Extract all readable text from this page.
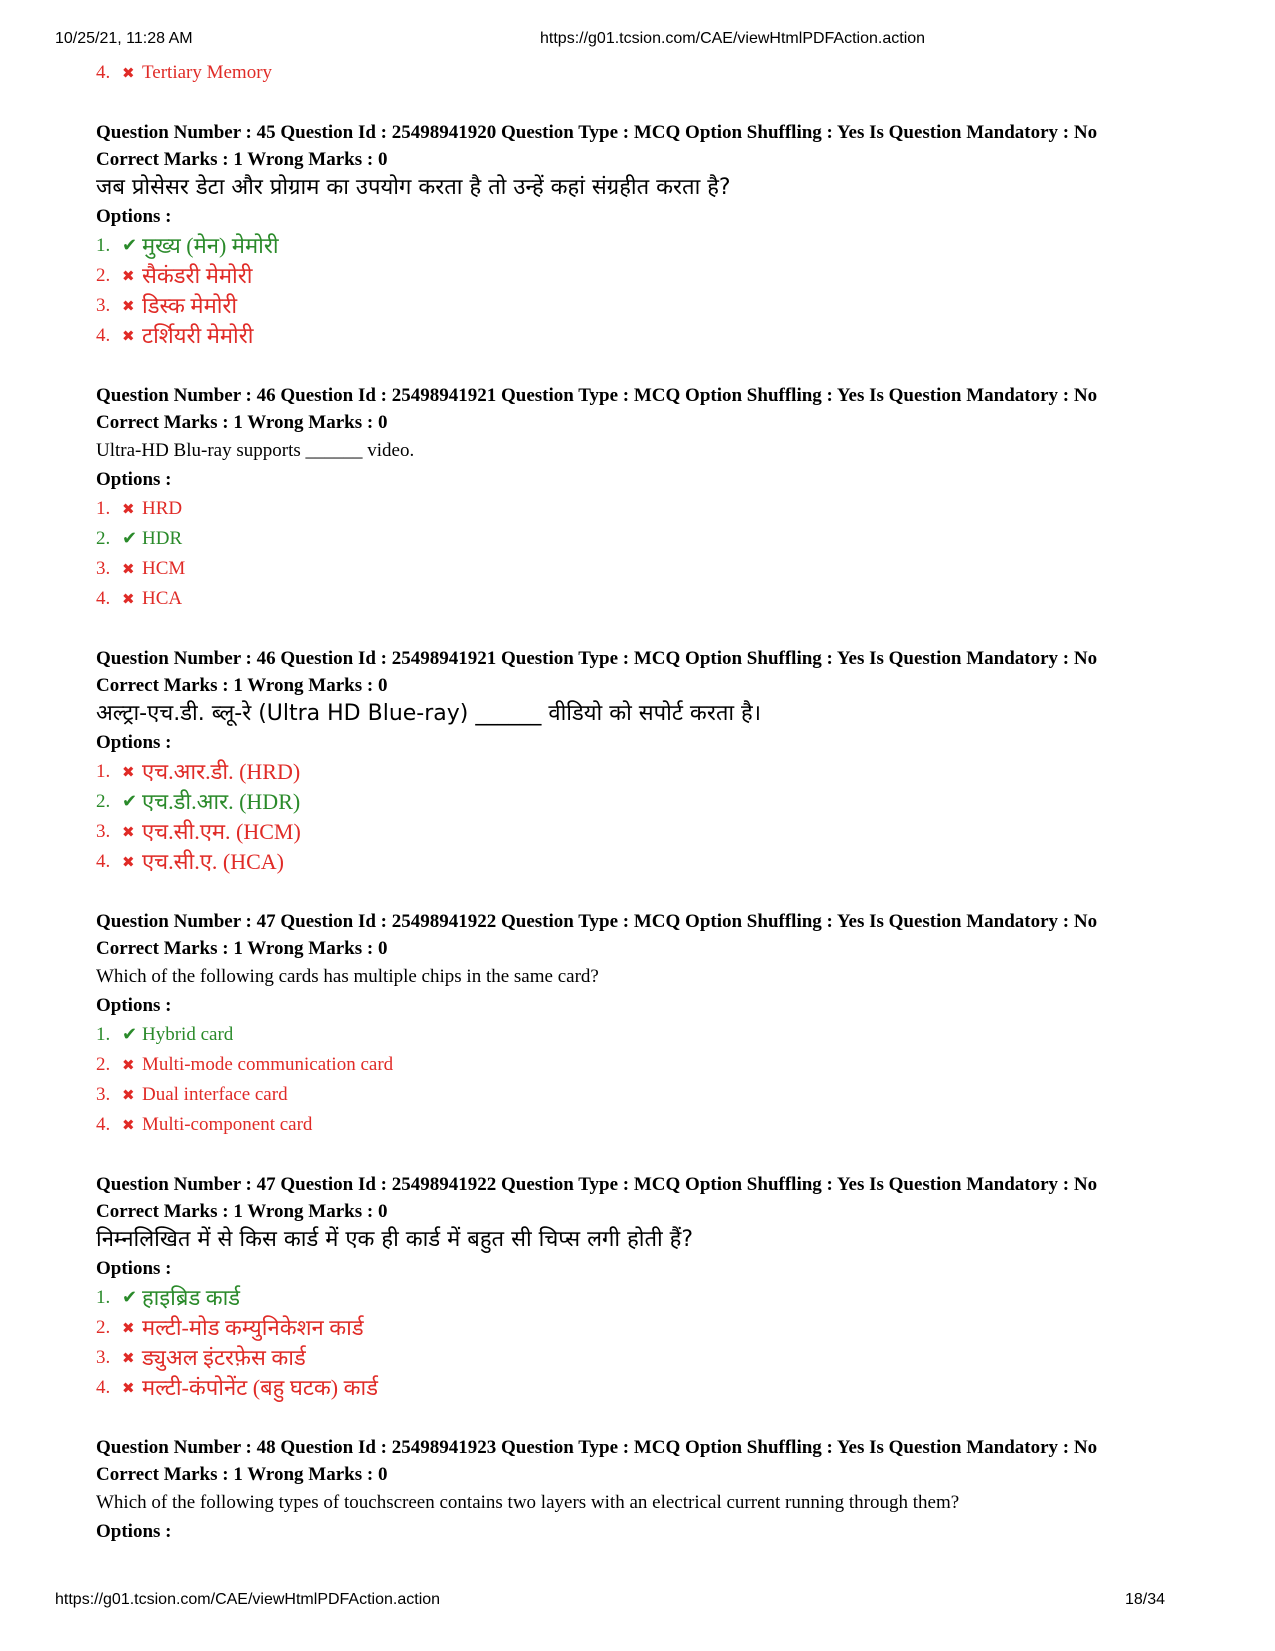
10/25/21, 11:28 AM	https://g01.tcsion.com/CAE/viewHtmlPDFAction.action
4. ✖ Tertiary Memory
Question Number : 45 Question Id : 25498941920 Question Type : MCQ Option Shuffling : Yes Is Question Mandatory : No
Correct Marks : 1 Wrong Marks : 0
जब प्रोसेसर डेटा और प्रोग्राम का उपयोग करता है तो उन्हें कहां संग्रहीत करता है?
Options :
1. ✔ मुख्य (मेन) मेमोरी
2. ✖ सैकंडरी मेमोरी
3. ✖ डिस्क मेमोरी
4. ✖ टर्शियरी मेमोरी
Question Number : 46 Question Id : 25498941921 Question Type : MCQ Option Shuffling : Yes Is Question Mandatory : No
Correct Marks : 1 Wrong Marks : 0
Ultra-HD Blu-ray supports ______ video.
Options :
1. ✖ HRD
2. ✔ HDR
3. ✖ HCM
4. ✖ HCA
Question Number : 46 Question Id : 25498941921 Question Type : MCQ Option Shuffling : Yes Is Question Mandatory : No
Correct Marks : 1 Wrong Marks : 0
अल्ट्रा-एच.डी. ब्लू-रे (Ultra HD Blue-ray) ______ वीडियो को सपोर्ट करता है।
Options :
1. ✖ एच.आर.डी. (HRD)
2. ✔ एच.डी.आर. (HDR)
3. ✖ एच.सी.एम. (HCM)
4. ✖ एच.सी.ए. (HCA)
Question Number : 47 Question Id : 25498941922 Question Type : MCQ Option Shuffling : Yes Is Question Mandatory : No
Correct Marks : 1 Wrong Marks : 0
Which of the following cards has multiple chips in the same card?
Options :
1. ✔ Hybrid card
2. ✖ Multi-mode communication card
3. ✖ Dual interface card
4. ✖ Multi-component card
Question Number : 47 Question Id : 25498941922 Question Type : MCQ Option Shuffling : Yes Is Question Mandatory : No
Correct Marks : 1 Wrong Marks : 0
निम्नलिखित में से किस कार्ड में एक ही कार्ड में बहुत सी चिप्स लगी होती हैं?
Options :
1. ✔ हाइब्रिड कार्ड
2. ✖ मल्टी-मोड कम्युनिकेशन कार्ड
3. ✖ ड्युअल इंटरफ़ेस कार्ड
4. ✖ मल्टी-कंपोनेंट (बहु घटक) कार्ड
Question Number : 48 Question Id : 25498941923 Question Type : MCQ Option Shuffling : Yes Is Question Mandatory : No
Correct Marks : 1 Wrong Marks : 0
Which of the following types of touchscreen contains two layers with an electrical current running through them?
Options :
https://g01.tcsion.com/CAE/viewHtmlPDFAction.action	18/34
